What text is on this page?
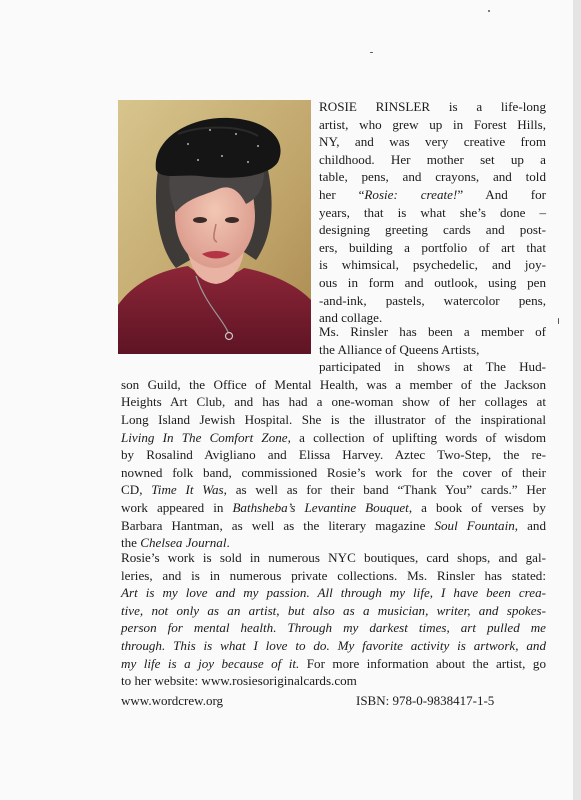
ROSIE RINSLER is a life-long
artist, who grew up in Forest Hills,
NY, and was very creative from
childhood. Her mother set up a
table, pens, and crayons, and told
her “Rosie: create!” And for
years, that is what she’s done –
designing greeting cards and post-
ers, building a portfolio of art that
is whimsical, psychedelic, and joy-
ous in form and outlook, using pen
-and-ink, pastels, watercolor pens,
and collage.
Ms. Rinsler has been a member of
the Alliance of Queens Artists,
participated in shows at The Hud-
son Guild, the Office of Mental Health, was a member of the Jackson
Heights Art Club, and has had a one-woman show of her collages at
Long Island Jewish Hospital. She is the illustrator of the inspirational
Living In The Comfort Zone, a collection of uplifting words of wisdom
by Rosalind Avigliano and Elissa Harvey. Aztec Two-Step, the re-
nowned folk band, commissioned Rosie’s work for the cover of their
CD, Time It Was, as well as for their band “Thank You” cards.” Her
work appeared in Bathsheba’s Levantine Bouquet, a book of verses by
Barbara Hantman, as well as the literary magazine Soul Fountain, and
the Chelsea Journal.
Rosie’s work is sold in numerous NYC boutiques, card shops, and gal-
leries, and is in numerous private collections. Ms. Rinsler has stated:
Art is my love and my passion. All through my life, I have been crea-
tive, not only as an artist, but also as a musician, writer, and spokes-
person for mental health. Through my darkest times, art pulled me
through. This is what I love to do. My favorite activity is artwork, and
my life is a joy because of it. For more information about the artist, go
to her website: www.rosiesoriginalcards.com
www.wordcrew.org	ISBN: 978-0-9838417-1-5
